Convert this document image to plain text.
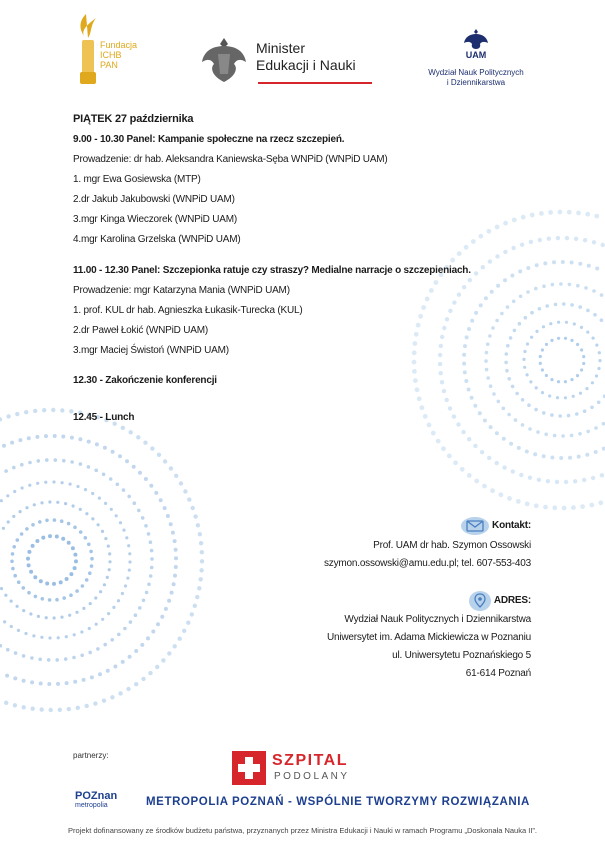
Fundacja
ICHB
PAN
Minister
Edukacji i Nauki
UAM
Wydział Nauk Politycznych
i Dziennikarstwa
PIĄTEK 27 października
9.00 - 10.30 Panel: Kampanie społeczne na rzecz szczepień.
Prowadzenie: dr hab. Aleksandra Kaniewska-Sęba WNPiD (WNPiD UAM)
1. mgr Ewa Gosiewska (MTP)
2.dr Jakub Jakubowski (WNPiD UAM)
3.mgr Kinga Wieczorek (WNPiD UAM)
4.mgr Karolina Grzelska (WNPiD UAM)
11.00 - 12.30 Panel: Szczepionka ratuje czy straszy? Medialne narracje o szczepieniach.
Prowadzenie: mgr Katarzyna Mania (WNPiD UAM)
1. prof. KUL dr hab. Agnieszka Łukasik-Turecka (KUL)
2.dr Paweł Łokić (WNPiD UAM)
3.mgr Maciej Świstoń (WNPiD UAM)
12.30 - Zakończenie konferencji
12.45 - Lunch
Kontakt:
Prof. UAM dr hab. Szymon Ossowski
szymon.ossowski@amu.edu.pl; tel. 607-553-403
ADRES:
Wydział Nauk Politycznych i Dziennikarstwa
Uniwersytet im. Adama Mickiewicza w Poznaniu
ul. Uniwersytetu Poznańskiego 5
61-614 Poznań
partnerzy:	SZPITAL
PODOLANY
POZnan
metropolia	METROPOLIA POZNAŃ - WSPÓLNIE TWORZYMY ROZWIĄZANIA
Projekt dofinansowany ze środków budżetu państwa, przyznanych przez Ministra Edukacji i Nauki w ramach Programu „Doskonała Nauka II”.
